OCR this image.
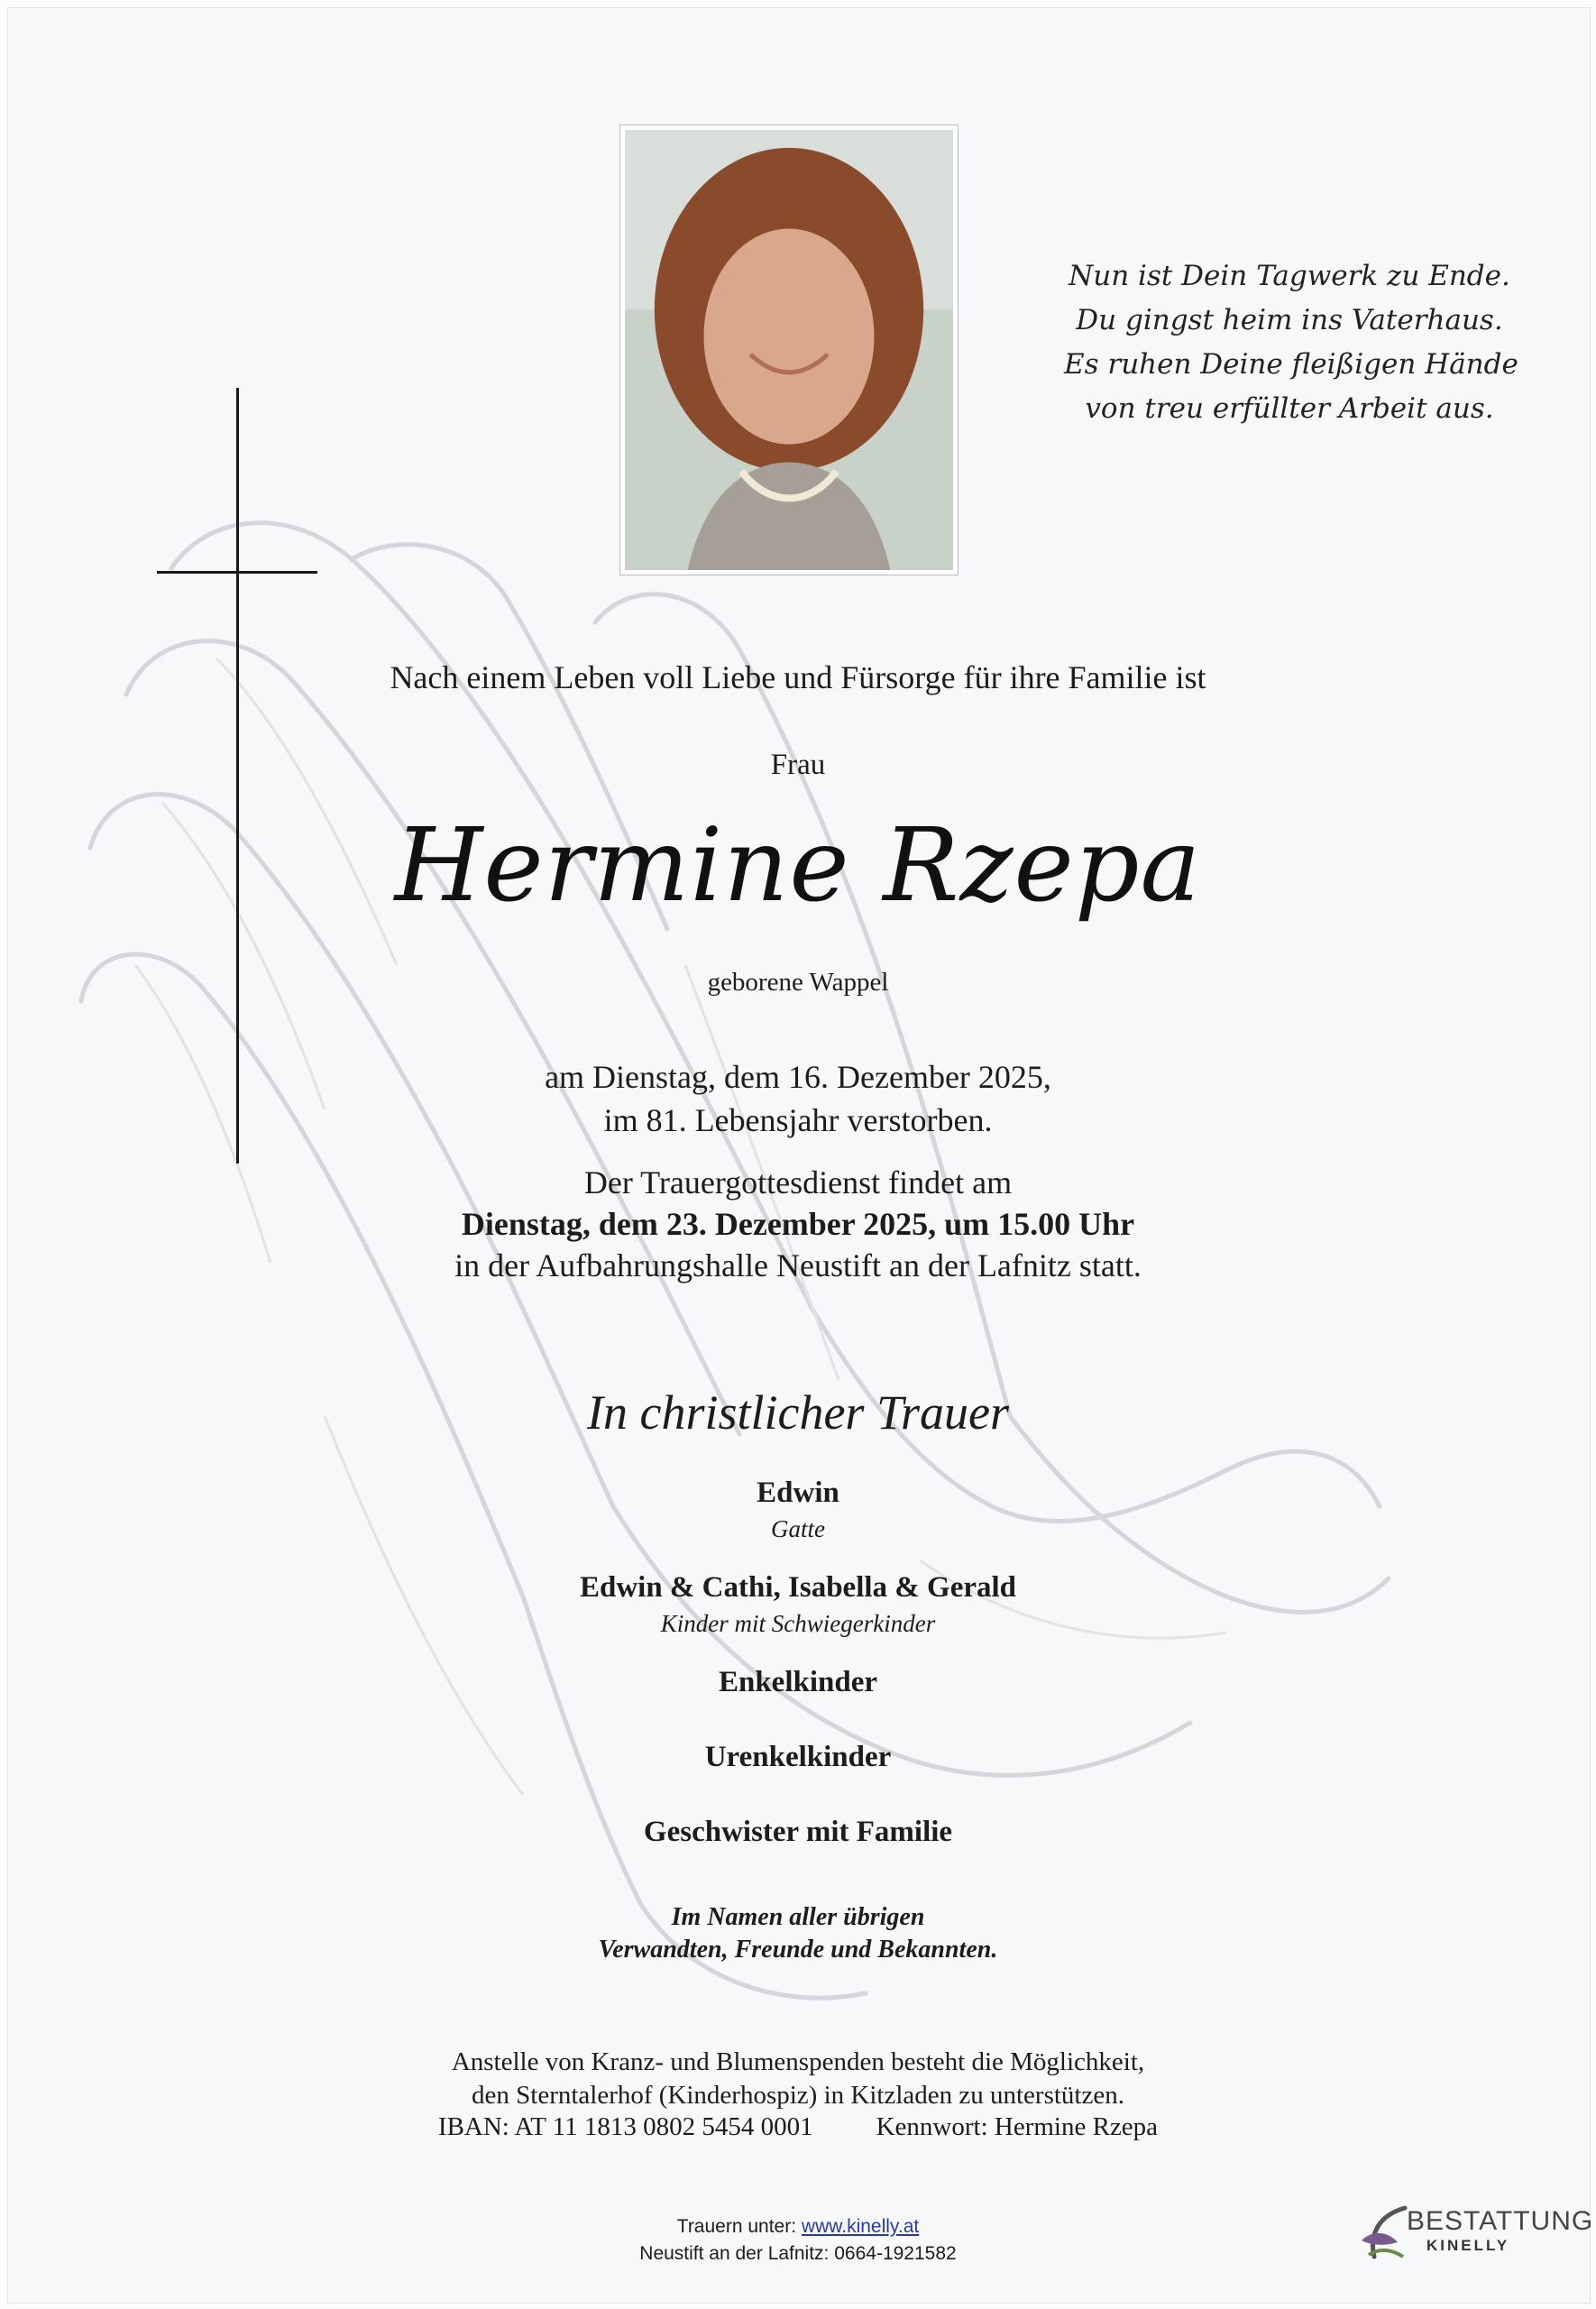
Nun ist Dein Tagwerk zu Ende.
Du gingst heim ins Vaterhaus.
Es ruhen Deine fleißigen Hände
von treu erfüllter Arbeit aus.
Nach einem Leben voll Liebe und Fürsorge für ihre Familie ist
Frau
Hermine Rzepa
geborene Wappel
am Dienstag, dem 16. Dezember 2025,
im 81. Lebensjahr verstorben.
Der Trauergottesdienst findet am
Dienstag, dem 23. Dezember 2025, um 15.00 Uhr
in der Aufbahrungshalle Neustift an der Lafnitz statt.
In christlicher Trauer
Edwin
Gatte
Edwin & Cathi, Isabella & Gerald
Kinder mit Schwiegerkinder
Enkelkinder
Urenkelkinder
Geschwister mit Familie
Im Namen aller übrigen
Verwandten, Freunde und Bekannten.
Anstelle von Kranz- und Blumenspenden besteht die Möglichkeit,
den Sterntalerhof (Kinderhospiz) in Kitzladen zu unterstützen.
IBAN: AT 11 1813 0802 5454 0001 Kennwort: Hermine Rzepa
Trauern unter: www.kinelly.at
Neustift an der Lafnitz: 0664-1921582
BESTATTUNG
KINELLY
